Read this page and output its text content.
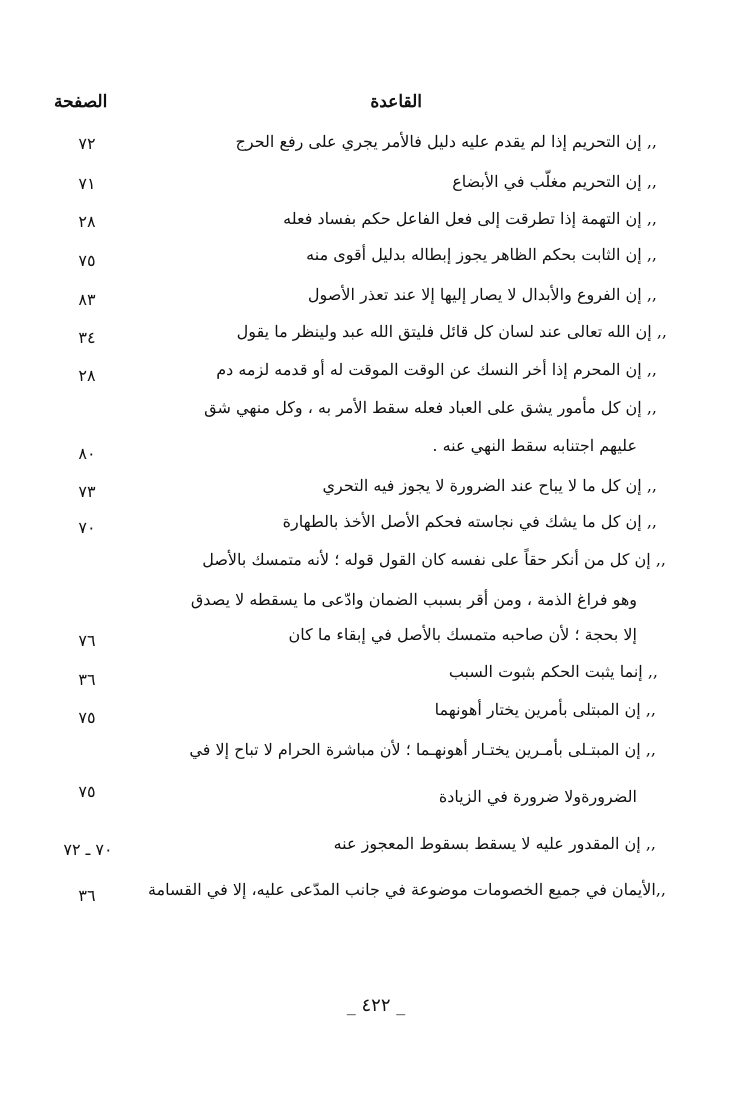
القاعدة
الصفحة
,, إن التحريم إذا لم يقدم عليه دليل فالأمر يجري على رفع الحرج
٧٢
,, إن التحريم مغلّب في الأبضاع
٧١
,, إن التهمة إذا تطرقت إلى فعل الفاعل حكم بفساد فعله
٢٨
,, إن الثابت بحكم الظاهر يجوز إبطاله بدليل أقوى منه
٧٥
,, إن الفروع والأبدال لا يصار إليها إلا عند تعذر الأصول
٨٣
,, إن الله تعالى عند لسان كل قائل فليتق الله عبد ولينظر ما يقول
٣٤
,, إن المحرم إذا أخر النسك عن الوقت الموقت له أو قدمه لزمه دم
٢٨
,, إن كل مأمور يشق على العباد فعله سقط الأمر به ، وكل منهي شق
عليهم اجتنابه سقط النهي عنه .
٨٠
,, إن كل ما لا يباح عند الضرورة لا يجوز فيه التحري
٧٣
,, إن كل ما يشك في نجاسته فحكم الأصل الأخذ بالطهارة
٧٠
,, إن كل من أنكر حقاً على نفسه كان القول قوله ؛ لأنه متمسك بالأصل
وهو فراغ الذمة ، ومن أقر بسبب الضمان وادّعى ما يسقطه لا يصدق
إلا بحجة ؛ لأن صاحبه متمسك بالأصل في إبقاء ما كان
٧٦
,, إنما يثبت الحكم بثبوت السبب
٣٦
,, إن المبتلى بأمرين يختار أهونهما
٧٥
,, إن المبتـلى بأمـرين يختـار أهونهـما ؛ لأن مباشرة الحرام لا تباح إلا في
الضرورةولا ضرورة في الزيادة
٧٥
,, إن المقدور عليه لا يسقط بسقوط المعجوز عنه
٧٠ ـ ٧٢
,,الأيمان في جميع الخصومات موضوعة في جانب المدّعى عليه، إلا في القسامة
٣٦
_ ٤٢٢ _
